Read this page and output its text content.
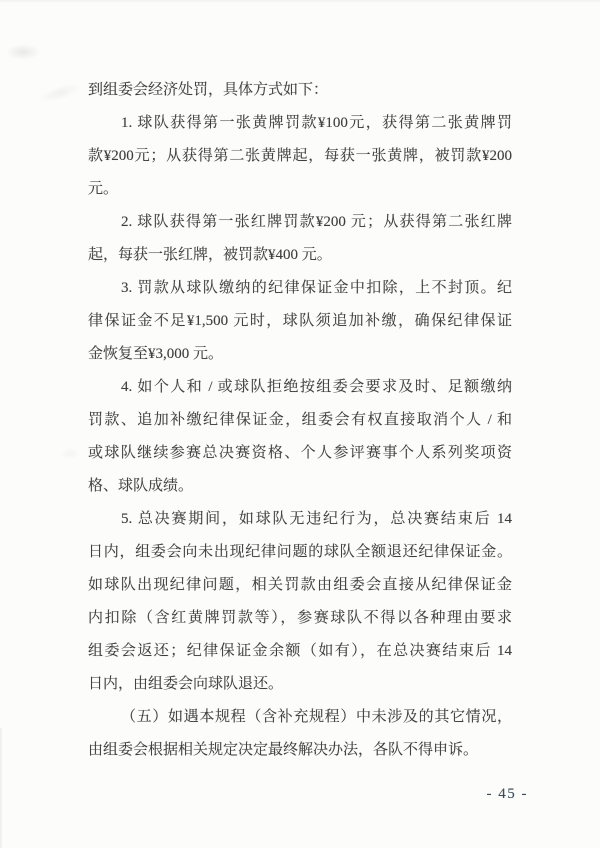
到组委会经济处罚，具体方式如下：
1. 球队获得第一张黄牌罚款¥100元，获得第二张黄牌罚
款¥200元；从获得第二张黄牌起，每获一张黄牌，被罚款¥200
元。
2. 球队获得第一张红牌罚款¥200 元；从获得第二张红牌
起，每获一张红牌，被罚款¥400 元。
3. 罚款从球队缴纳的纪律保证金中扣除，上不封顶。纪
律保证金不足¥1,500 元时，球队须追加补缴，确保纪律保证
金恢复至¥3,000 元。
4. 如个人和 / 或球队拒绝按组委会要求及时、足额缴纳
罚款、追加补缴纪律保证金，组委会有权直接取消个人 / 和
或球队继续参赛总决赛资格、个人参评赛事个人系列奖项资
格、球队成绩。
5. 总决赛期间，如球队无违纪行为，总决赛结束后 14
日内，组委会向未出现纪律问题的球队全额退还纪律保证金。
如球队出现纪律问题，相关罚款由组委会直接从纪律保证金
内扣除（含红黄牌罚款等），参赛球队不得以各种理由要求
组委会返还；纪律保证金余额（如有），在总决赛结束后 14
日内，由组委会向球队退还。
（五）如遇本规程（含补充规程）中未涉及的其它情况，
由组委会根据相关规定决定最终解决办法，各队不得申诉。
- 45 -
